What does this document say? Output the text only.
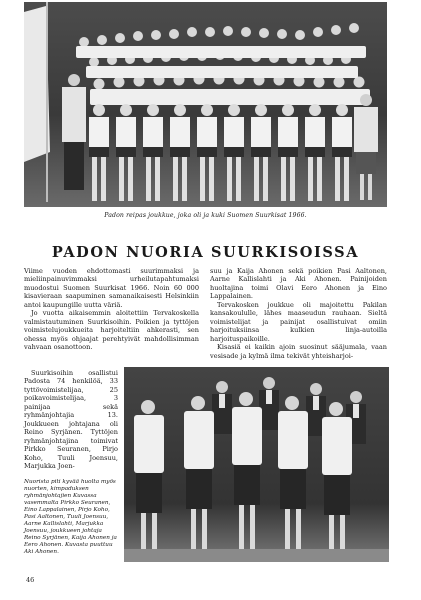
Padon reipas joukkue, joka oli ja kuki Suomen Suurkisat 1966.
PADON NUORIA SUURKISOISSA

Viime vuoden ehdottomasti suurimmaksi ja mieliinpainuvimmaksi urheilutapahtumaksi muodostui Suomen Suurkisat 1966. Noin 60 000 kisavieraan saapuminen samanaikaisesti Helsinkiin antoi kaupungille uutta väriä.

Jo vuotta aikaisemmin aloitettiin Tervakoskella valmistautuminen Suurkisoihin. Poikien ja tyttöjen voimistelujoukkueita harjoiteltiin ahkerasti, sen ohessa myös ohjaajat perehtyivät mahdollisimman vahvaan osanottoon.

Suurkisoihin osallistui Padosta 74 henkilöä, 33 tyttövoimistelijaa, 25 poikavoimistelijaa, 3 painijaa sekä ryhmänjohtajia 13. Joukkueen johtajana oli Reino Syrjänen. Tyttöjen ryhmänjohtajina toimivat Pirkko Seuranen, Pirjo Koho, Tuuli Joensuu, Marjukka Joen-

suu ja Kaija Ahonen sekä poikien Pasi Aaltonen, Aarne Kallislahti ja Aki Ahonen. Painijoiden huoltajina toimi Olavi Eero Ahonen ja Eino Lappalainen.

Tervakosken joukkue oli majoitettu Pakilan kansakoululle, lähes maaseudun rauhaan. Sieltä voimistelijat ja painijat osallistuivat omiin harjoituksiinsa kulkien linja-autoilla harjoituspaikoille.

Kisasiä ei kaikin ajoin suosinut sääjumala, vaan vesisade ja kylmä ilma tekivät yhteisharjoi-

Nuorista piti kyvää huolta myös nuorten, kimpaduksen ryhmänjohtajien Kuvassa vasemmalta Pirkko Seuranen, Eino Lappalainen, Pirjo Koho, Pasi Aaltonen, Tuuli Joensuu, Aarne Kallislahti, Marjukka Joensuu, joukkueen johtaja Reino Syrjänen, Kaija Ahonen ja Eero Ahonen. Kuvasta puuttuu Aki Ahonen.
46
